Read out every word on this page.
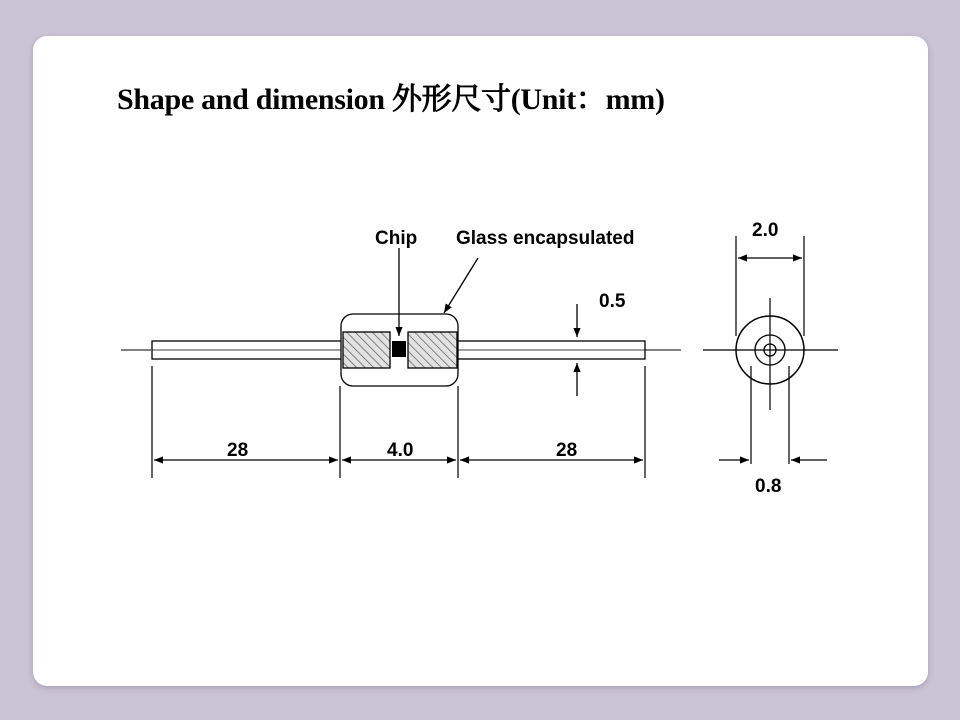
Shape and dimension 外形尺寸(Unit：mm)
Chip Glass encapsulated
0.5
28	4.0	28
2.0
0.8
